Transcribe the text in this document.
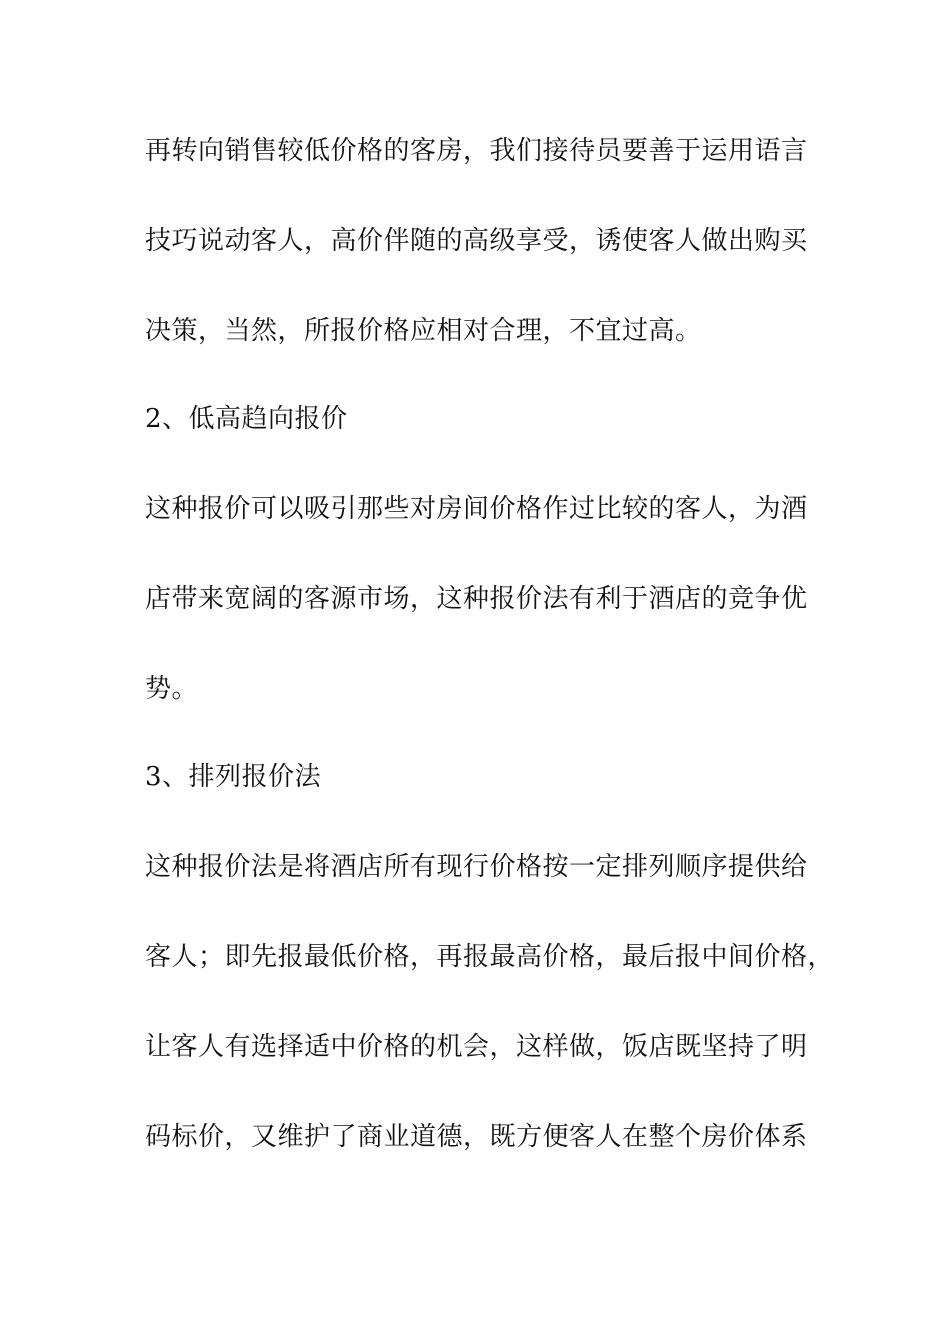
再转向销售较低价格的客房，我们接待员要善于运用语言
技巧说动客人，高价伴随的高级享受，诱使客人做出购买
决策，当然，所报价格应相对合理，不宜过高。
2、低高趋向报价
这种报价可以吸引那些对房间价格作过比较的客人，为酒
店带来宽阔的客源市场，这种报价法有利于酒店的竞争优
势。
3、排列报价法
这种报价法是将酒店所有现行价格按一定排列顺序提供给
客人；即先报最低价格，再报最高价格，最后报中间价格，
让客人有选择适中价格的机会，这样做，饭店既坚持了明
码标价，又维护了商业道德，既方便客人在整个房价体系
